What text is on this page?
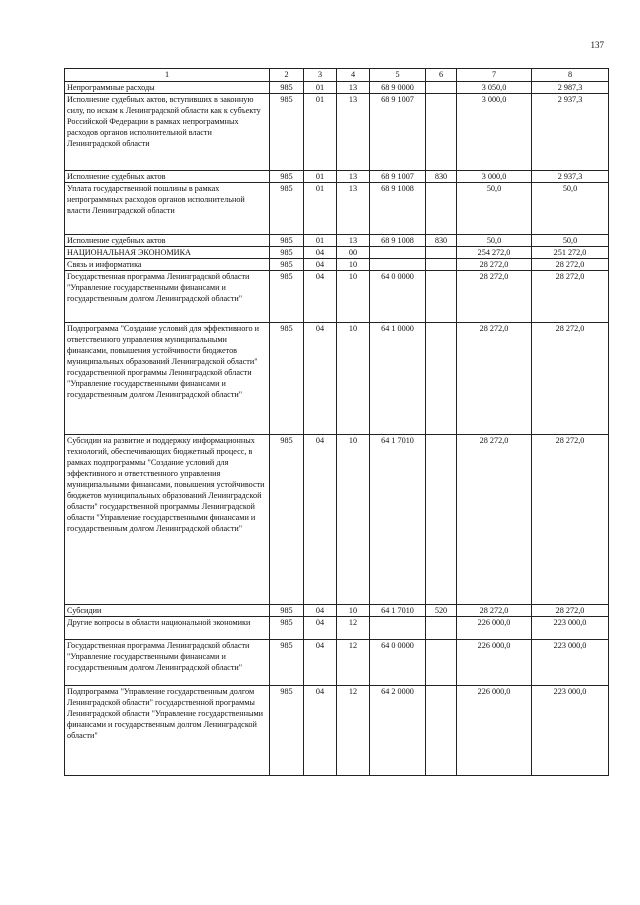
137
1	2	3	4	5	6	7	8
Непрограммные расходы	985	01	13	68 9 0000		3 050,0	2 987,3
Исполнение судебных актов, вступивших в законную силу, по искам к Ленинградской области как к субъекту Российской Федерации в рамках непрограммных расходов органов исполнительной власти Ленинградской области	985	01	13	68 9 1007		3 000,0	2 937,3
Исполнение судебных актов	985	01	13	68 9 1007	830	3 000,0	2 937,3
Уплата государственной пошлины в рамках непрограммных расходов органов исполнительной власти Ленинградской области	985	01	13	68 9 1008		50,0	50,0
Исполнение судебных актов	985	01	13	68 9 1008	830	50,0	50,0
НАЦИОНАЛЬНАЯ ЭКОНОМИКА	985	04	00			254 272,0	251 272,0
Связь и информатика	985	04	10			28 272,0	28 272,0
Государственная программа Ленинградской области "Управление государственными финансами и государственным долгом Ленинградской области"	985	04	10	64 0 0000		28 272,0	28 272,0
Подпрограмма "Создание условий для эффективного и ответственного управления муниципальными финансами, повышения устойчивости бюджетов муниципальных образований Ленинградской области" государственной программы Ленинградской области "Управление государственными финансами и государственным долгом Ленинградской области"	985	04	10	64 1 0000		28 272,0	28 272,0
Субсидии на развитие и поддержку информационных технологий, обеспечивающих бюджетный процесс, в рамках подпрограммы "Создание условий для эффективного и ответственного управления муниципальными финансами, повышения устойчивости бюджетов муниципальных образований Ленинградской области" государственной программы Ленинградской области "Управление государственными финансами и государственным долгом Ленинградской области"	985	04	10	64 1 7010		28 272,0	28 272,0
Субсидии	985	04	10	64 1 7010	520	28 272,0	28 272,0
Другие вопросы в области национальной экономики	985	04	12			226 000,0	223 000,0
Государственная программа Ленинградской области "Управление государственными финансами и государственным долгом Ленинградской области"	985	04	12	64 0 0000		226 000,0	223 000,0
Подпрограмма "Управление государственным долгом Ленинградской области" государственной программы Ленинградской области "Управление государственными финансами и государственным долгом Ленинградской области"	985	04	12	64 2 0000		226 000,0	223 000,0
